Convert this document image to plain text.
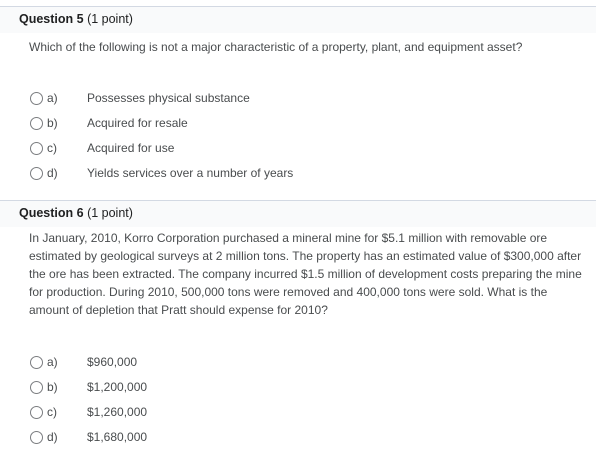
Question 5 (1 point)
Which of the following is not a major characteristic of a property, plant, and equipment asset?
a)	Possesses physical substance
b)	Acquired for resale
c)	Acquired for use
d)	Yields services over a number of years
Question 6 (1 point)
In January, 2010, Korro Corporation purchased a mineral mine for $5.1 million with removable ore estimated by geological surveys at 2 million tons. The property has an estimated value of $300,000 after the ore has been extracted. The company incurred $1.5 million of development costs preparing the mine for production. During 2010, 500,000 tons were removed and 400,000 tons were sold. What is the amount of depletion that Pratt should expense for 2010?
a)	$960,000
b)	$1,200,000
c)	$1,260,000
d)	$1,680,000
